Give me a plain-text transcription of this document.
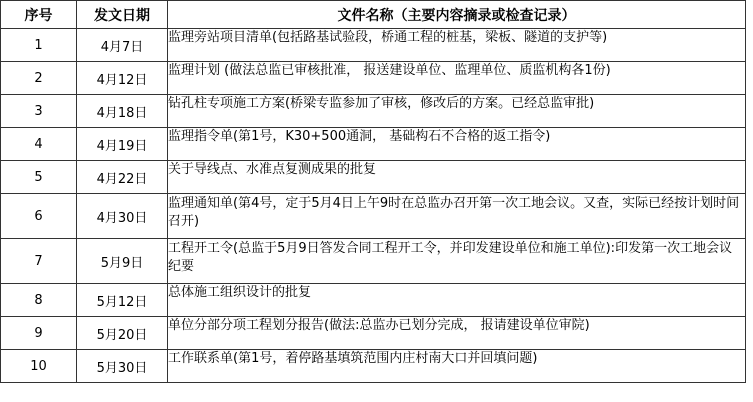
序号	发文日期	文件名称（主要内容摘录或检查记录）
1	4月7日	监理旁站项目清单(包括路基试验段，桥通工程的桩基，梁板、隧道的支护等)
2	4月12日	监理计划 (做法总监已审核批准， 报送建设单位、监理单位、质监机构各1份)
3	4月18日	钻孔柱专项施工方案(桥梁专监参加了审核，修改后的方案。已经总监审批)
4	4月19日	监理指令单(第1号，K30+500通洞， 基础构石不合格的返工指令)
5	4月22日	关于导线点、水准点复测成果的批复
6	4月30日	监理通知单(第4号，定于5月4日上午9时在总监办召开第一次工地会议。又查，实际已经按计划时间召开)
7	5月9日	工程开工令(总监于5月9日答发合同工程开工令，并印发建设单位和施工单位):印发第一次工地会议纪要
8	5月12日	总体施工组织设计的批复
9	5月20日	单位分部分项工程划分报告(做法:总监办已划分完成， 报请建设单位审院)
10	5月30日	工作联系单(第1号，着停路基填筑范围内庄村南大口并回填问题)
